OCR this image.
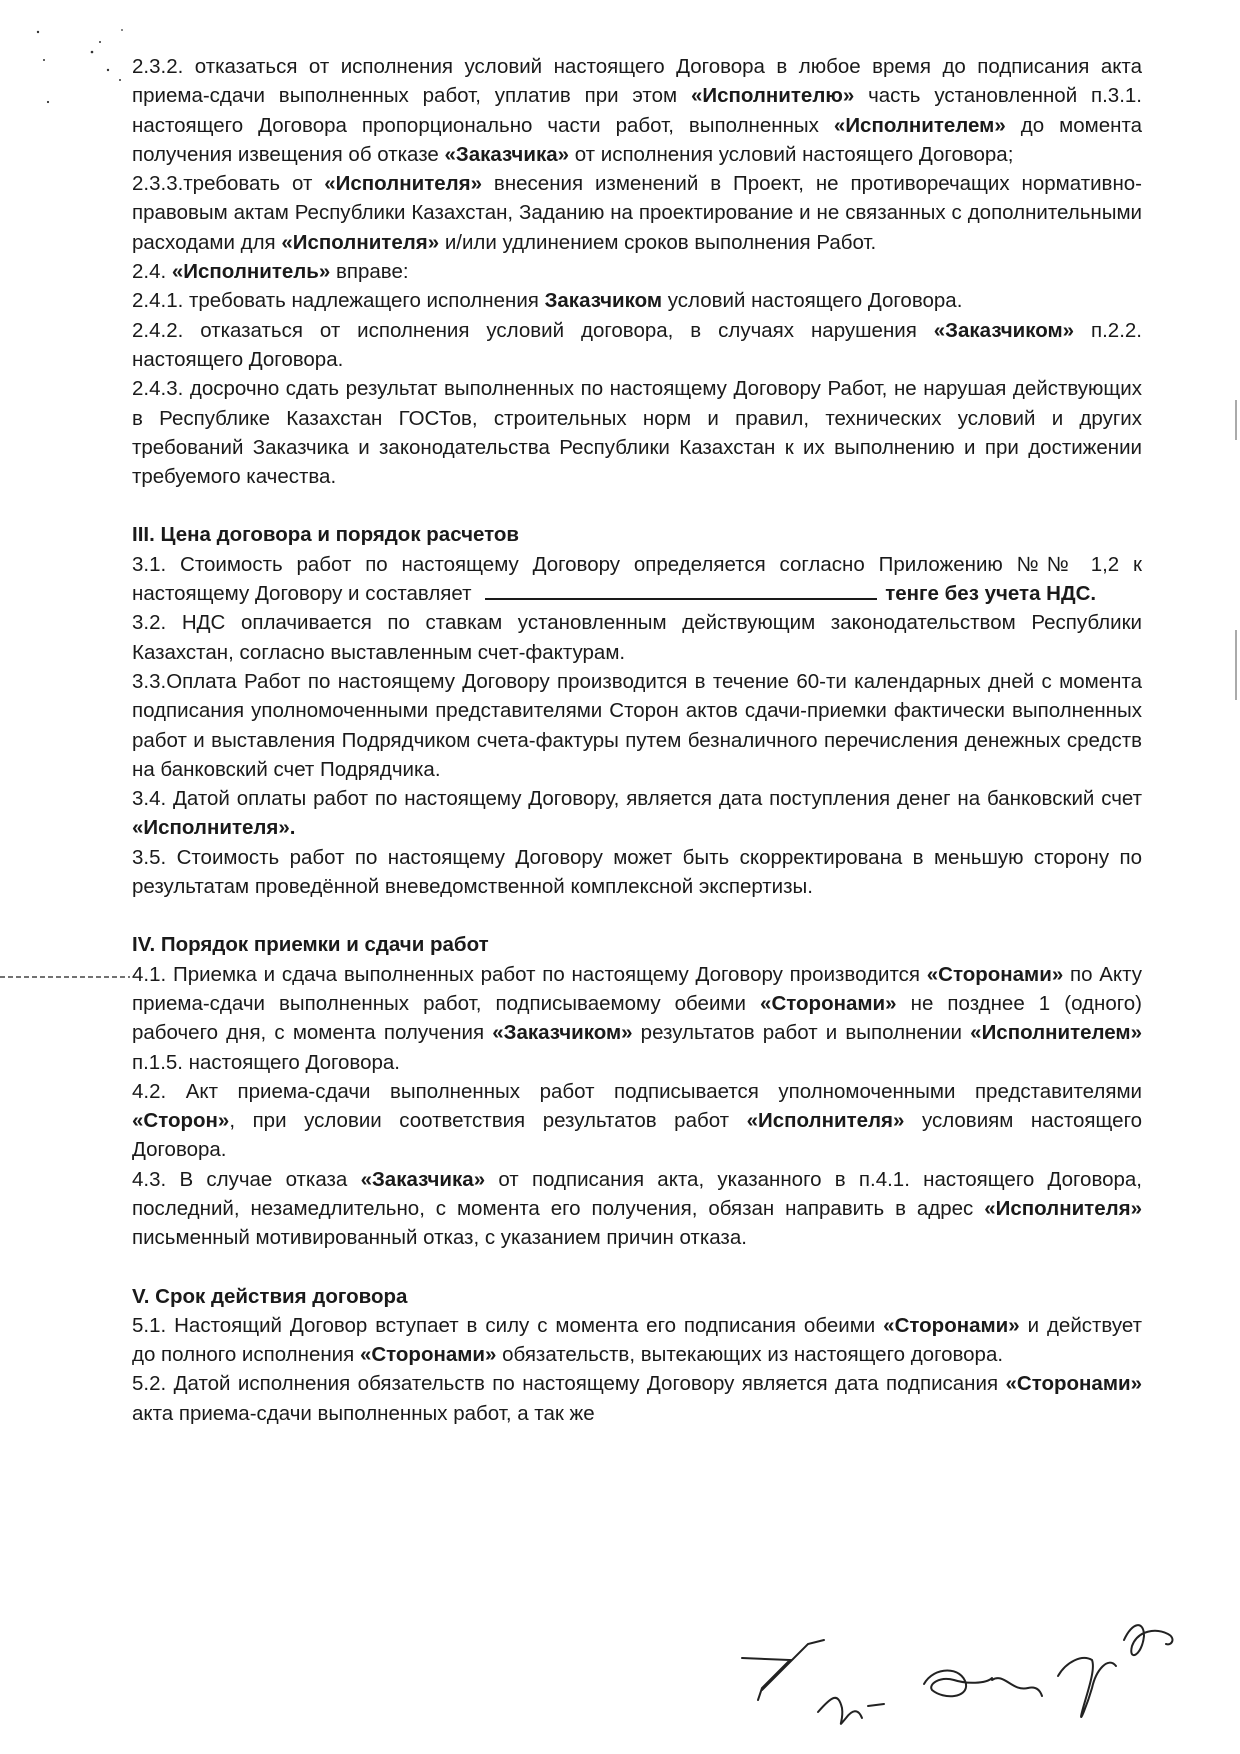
2.3.2. отказаться от исполнения условий настоящего Договора в любое время до подписания акта приема-сдачи выполненных работ, уплатив при этом «Исполнителю» часть установленной п.3.1. настоящего Договора пропорционально части работ, выполненных «Исполнителем» до момента получения извещения об отказе «Заказчика» от исполнения условий настоящего Договора;

2.3.3.требовать от «Исполнителя» внесения изменений в Проект, не противоречащих нормативно-правовым актам Республики Казахстан, Заданию на проектирование и не связанных с дополнительными расходами для «Исполнителя» и/или удлинением сроков выполнения Работ.

2.4. «Исполнитель» вправе:

2.4.1. требовать надлежащего исполнения Заказчиком условий настоящего Договора.

2.4.2. отказаться от исполнения условий договора, в случаях нарушения «Заказчиком» п.2.2. настоящего Договора.

2.4.3. досрочно сдать результат выполненных по настоящему Договору Работ, не нарушая действующих в Республике Казахстан ГОСТов, строительных норм и правил, технических условий и других требований Заказчика и законодательства Республики Казахстан к их выполнению и при достижении требуемого качества.

III. Цена договора и порядок расчетов

3.1. Стоимость работ по настоящему Договору определяется согласно Приложению №№ 1,2 к настоящему Договору и составляет	тенге без учета НДС.

3.2. НДС оплачивается по ставкам установленным действующим законодательством Республики Казахстан, согласно выставленным счет-фактурам.

3.3.Оплата Работ по настоящему Договору производится в течение 60-ти календарных дней с момента подписания уполномоченными представителями Сторон актов сдачи-приемки фактически выполненных работ и выставления Подрядчиком счета-фактуры путем безналичного перечисления денежных средств на банковский счет Подрядчика.

3.4. Датой оплаты работ по настоящему Договору, является дата поступления денег на банковский счет «Исполнителя».

3.5. Стоимость работ по настоящему Договору может быть скорректирована в меньшую сторону по результатам проведённой вневедомственной комплексной экспертизы.

IV. Порядок приемки и сдачи работ

4.1. Приемка и сдача выполненных работ по настоящему Договору производится «Сторонами» по Акту приема-сдачи выполненных работ, подписываемому обеими «Сторонами» не позднее 1 (одного) рабочего дня, с момента получения «Заказчиком» результатов работ и выполнении «Исполнителем» п.1.5. настоящего Договора.

4.2. Акт приема-сдачи выполненных работ подписывается уполномоченными представителями «Сторон», при условии соответствия результатов работ «Исполнителя» условиям настоящего Договора.

4.3. В случае отказа «Заказчика» от подписания акта, указанного в п.4.1. настоящего Договора, последний, незамедлительно, с момента его получения, обязан направить в адрес «Исполнителя» письменный мотивированный отказ, с указанием причин отказа.

V. Срок действия договора

5.1. Настоящий Договор вступает в силу с момента его подписания обеими «Сторонами» и действует до полного исполнения «Сторонами» обязательств, вытекающих из настоящего договора.

5.2. Датой исполнения обязательств по настоящему Договору является дата подписания «Сторонами» акта приема-сдачи выполненных работ, а так же
